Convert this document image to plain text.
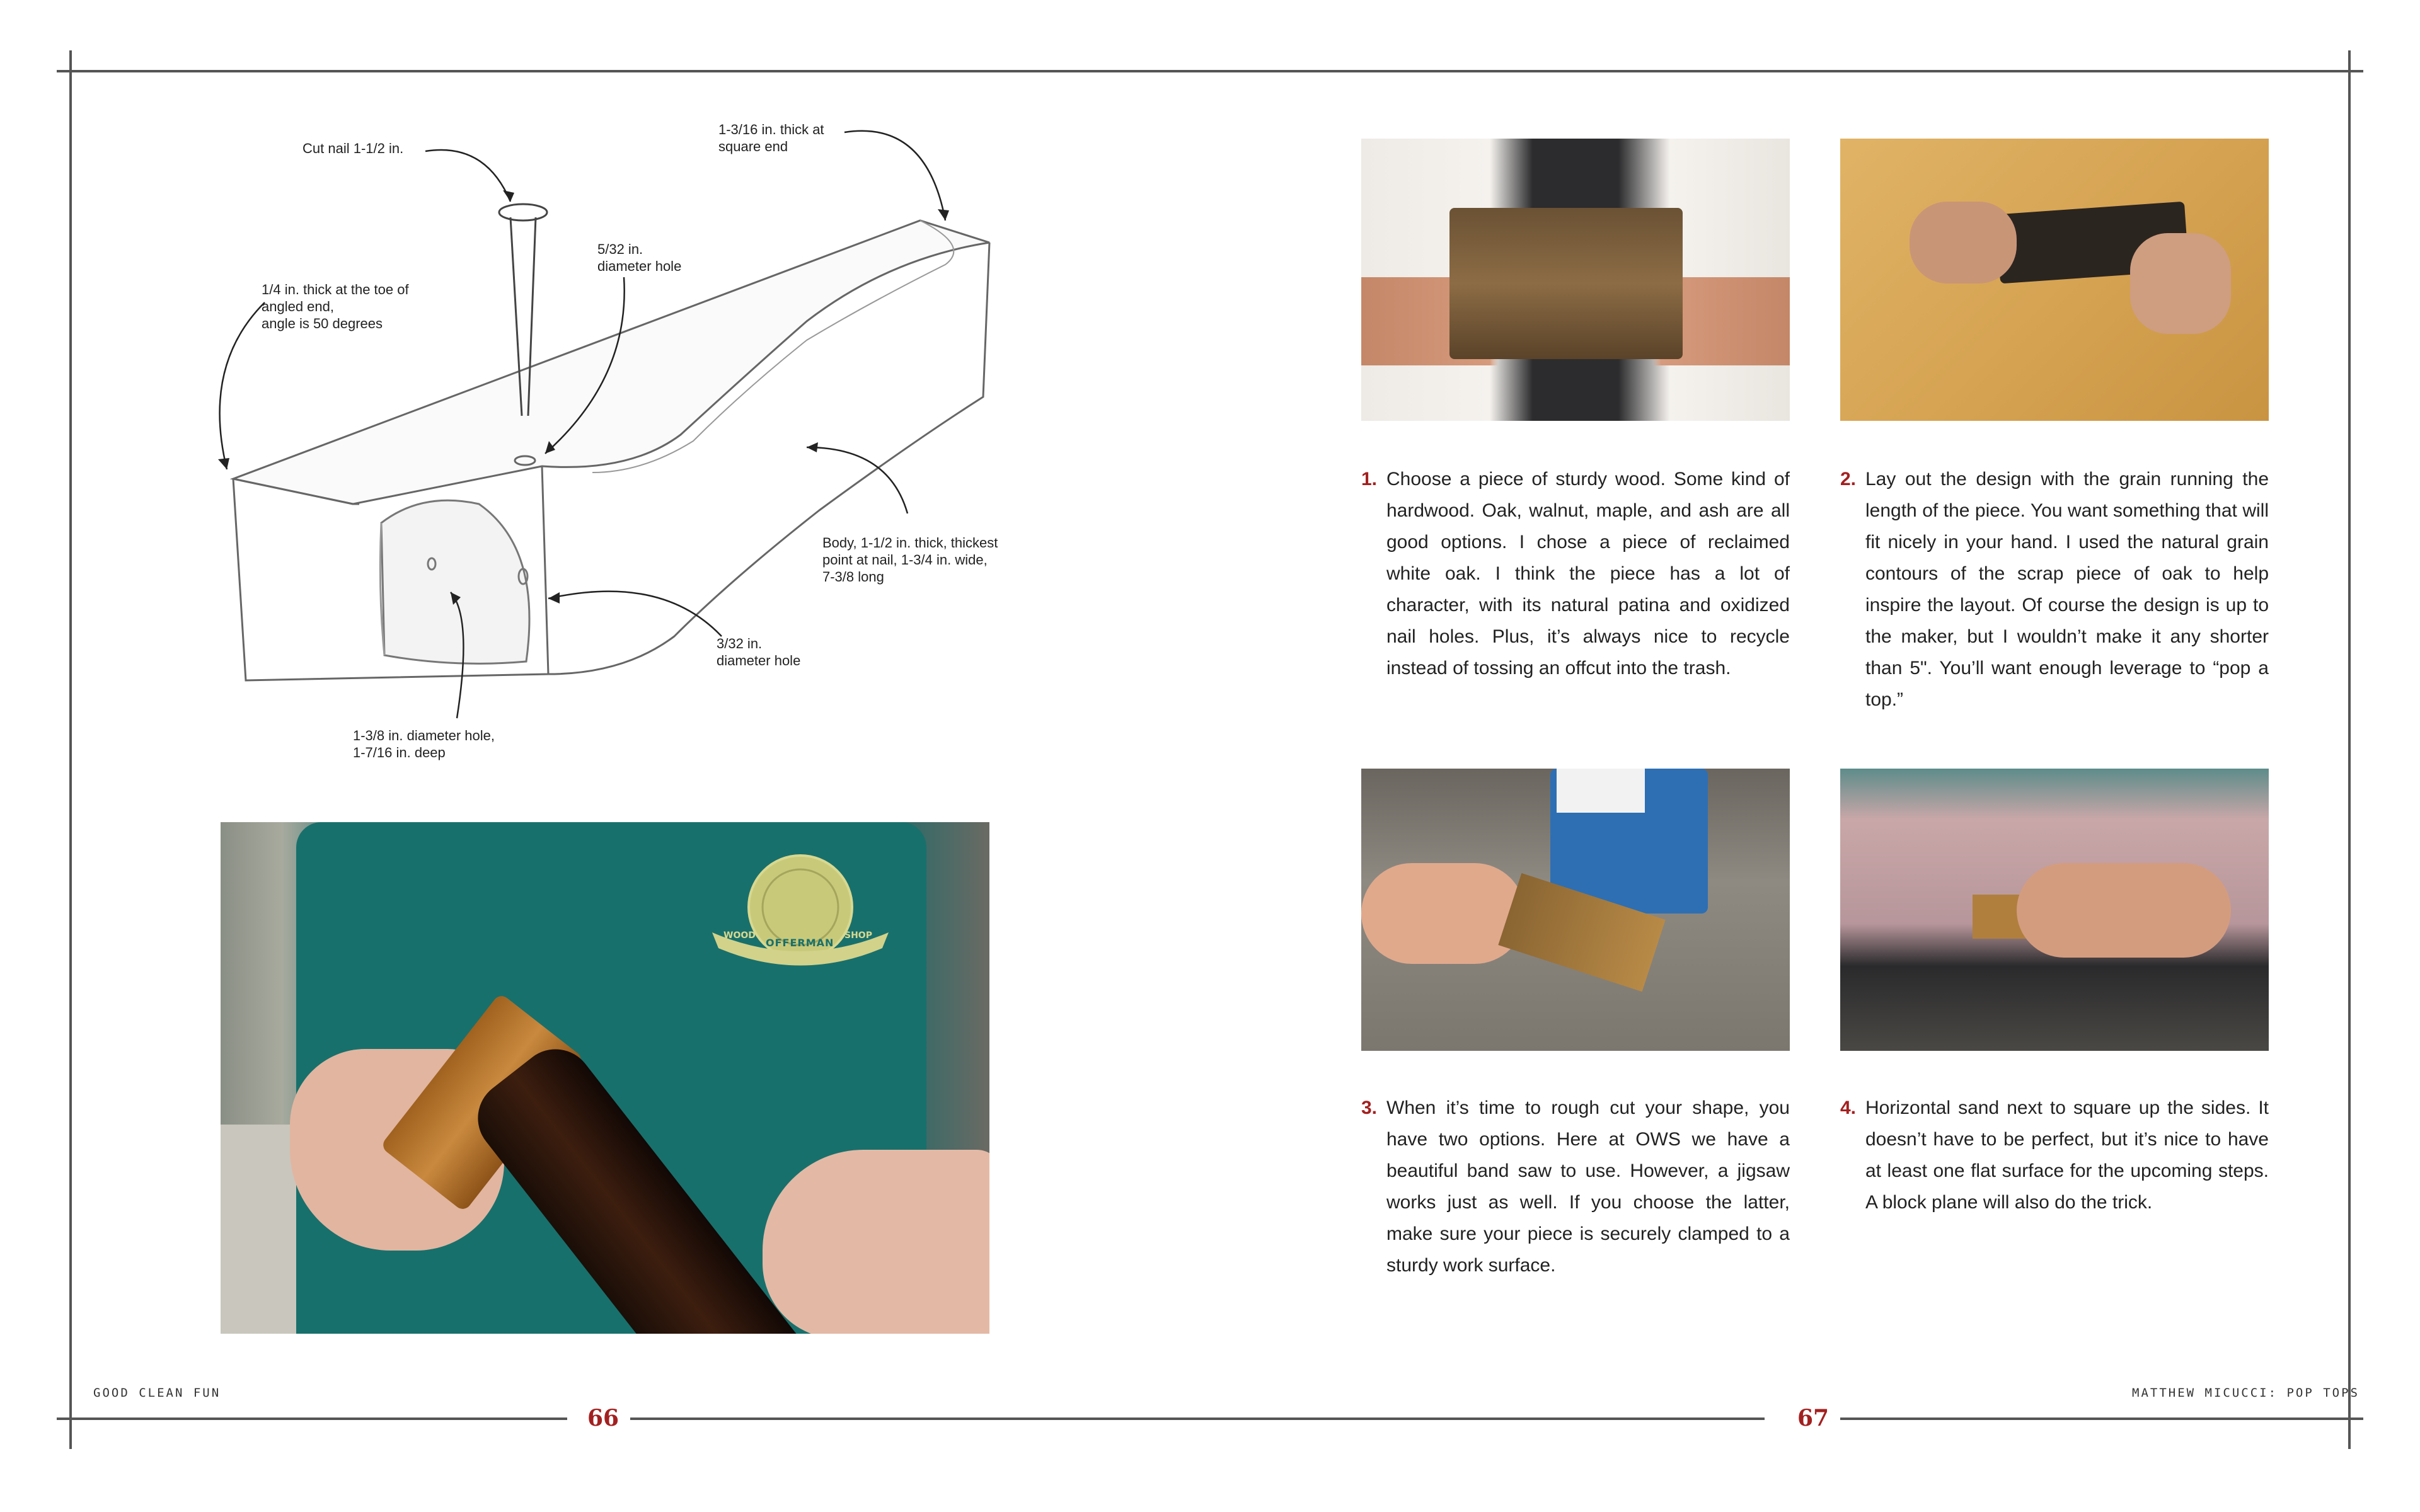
Cut nail 1-1/2 in.
1-3/16 in. thick at
square end
5/32 in.
diameter hole
1/4 in. thick at the toe of
angled end,
angle is 50 degrees
Body, 1-1/2 in. thick, thickest
point at nail, 1-3/4 in. wide,
7-3/8 long
3/32 in.
diameter hole
1-3/8 in. diameter hole,
1-7/16 in. deep
OFFERMAN
WOOD	SHOP
GOOD CLEAN FUN
66
1. Choose a piece of sturdy wood. Some kind of hardwood. Oak, walnut, maple, and ash are all good options. I chose a piece of reclaimed white oak. I think the piece has a lot of character, with its natural patina and oxidized nail holes. Plus, it’s always nice to recycle instead of tossing an offcut into the trash.
2. Lay out the design with the grain running the length of the piece. You want something that will fit nicely in your hand. I used the natural grain contours of the scrap piece of oak to help inspire the layout. Of course the design is up to the maker, but I wouldn’t make it any shorter than 5". You’ll want enough leverage to “pop a top.”
3. When it’s time to rough cut your shape, you have two options. Here at OWS we have a beautiful band saw to use. However, a jigsaw works just as well. If you choose the latter, make sure your piece is securely clamped to a sturdy work surface.
4. Horizontal sand next to square up the sides. It doesn’t have to be perfect, but it’s nice to have at least one flat surface for the upcoming steps. A block plane will also do the trick.
67
MATTHEW MICUCCI: POP TOPS
